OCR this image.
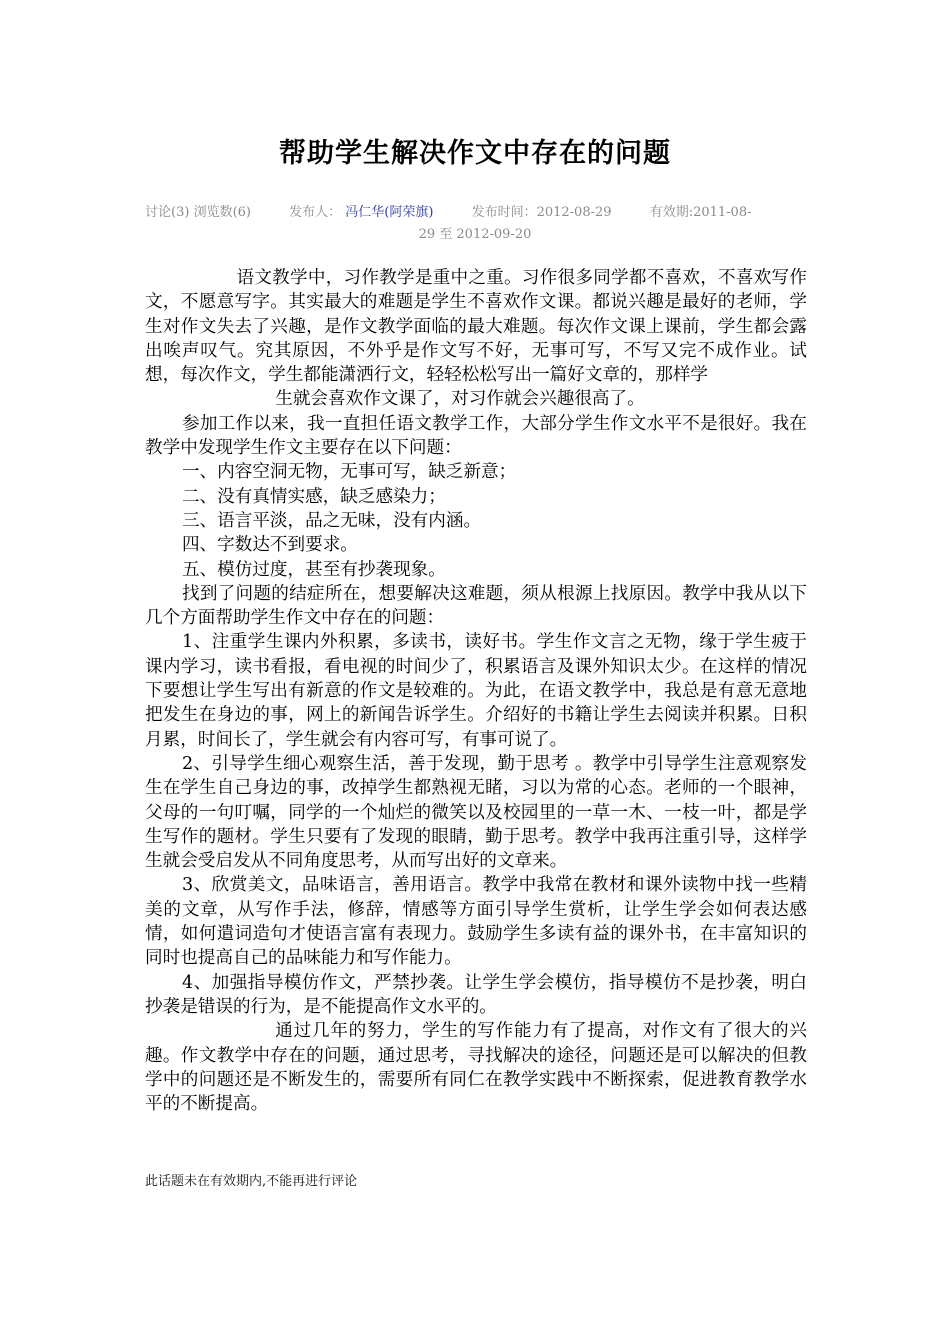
帮助学生解决作文中存在的问题
讨论(3) 浏览数(6)	发布人： 冯仁华(阿荣旗)	发布时间：2012-08-29	有效期:2011-08-
29 至 2012-09-20

语文教学中，习作教学是重中之重。习作很多同学都不喜欢，不喜欢写作文，不愿意写字。其实最大的难题是学生不喜欢作文课。都说兴趣是最好的老师，学生对作文失去了兴趣，是作文教学面临的最大难题。每次作文课上课前，学生都会露出唉声叹气。究其原因，不外乎是作文写不好，无事可写，不写又完不成作业。试想，每次作文，学生都能潇洒行文，轻轻松松写出一篇好文章的，那样学

生就会喜欢作文课了，对习作就会兴趣很高了。

参加工作以来，我一直担任语文教学工作，大部分学生作文水平不是很好。我在教学中发现学生作文主要存在以下问题：

一、内容空洞无物，无事可写，缺乏新意；

二、没有真情实感，缺乏感染力；

三、语言平淡，品之无味，没有内涵。

四、字数达不到要求。

五、模仿过度，甚至有抄袭现象。

找到了问题的结症所在，想要解决这难题，须从根源上找原因。教学中我从以下几个方面帮助学生作文中存在的问题：

1、注重学生课内外积累，多读书，读好书。学生作文言之无物，缘于学生疲于课内学习，读书看报，看电视的时间少了，积累语言及课外知识太少。在这样的情况下要想让学生写出有新意的作文是较难的。为此，在语文教学中，我总是有意无意地把发生在身边的事，网上的新闻告诉学生。介绍好的书籍让学生去阅读并积累。日积月累，时间长了，学生就会有内容可写，有事可说了。

2、引导学生细心观察生活，善于发现，勤于思考 。教学中引导学生注意观察发生在学生自己身边的事，改掉学生都熟视无睹，习以为常的心态。老师的一个眼神，父母的一句叮嘱，同学的一个灿烂的微笑以及校园里的一草一木、一枝一叶，都是学生写作的题材。学生只要有了发现的眼睛，勤于思考。教学中我再注重引导，这样学生就会受启发从不同角度思考，从而写出好的文章来。

3、欣赏美文，品味语言，善用语言。教学中我常在教材和课外读物中找一些精美的文章，从写作手法，修辞，情感等方面引导学生赏析，让学生学会如何表达感情，如何遣词造句才使语言富有表现力。鼓励学生多读有益的课外书，在丰富知识的同时也提高自己的品味能力和写作能力。

4、加强指导模仿作文，严禁抄袭。让学生学会模仿，指导模仿不是抄袭，明白抄袭是错误的行为，是不能提高作文水平的。

通过几年的努力，学生的写作能力有了提高，对作文有了很大的兴趣。作文教学中存在的问题，通过思考，寻找解决的途径，问题还是可以解决的但教学中的问题还是不断发生的，需要所有同仁在教学实践中不断探索，促进教育教学水平的不断提高。

此话题未在有效期内,不能再进行评论
